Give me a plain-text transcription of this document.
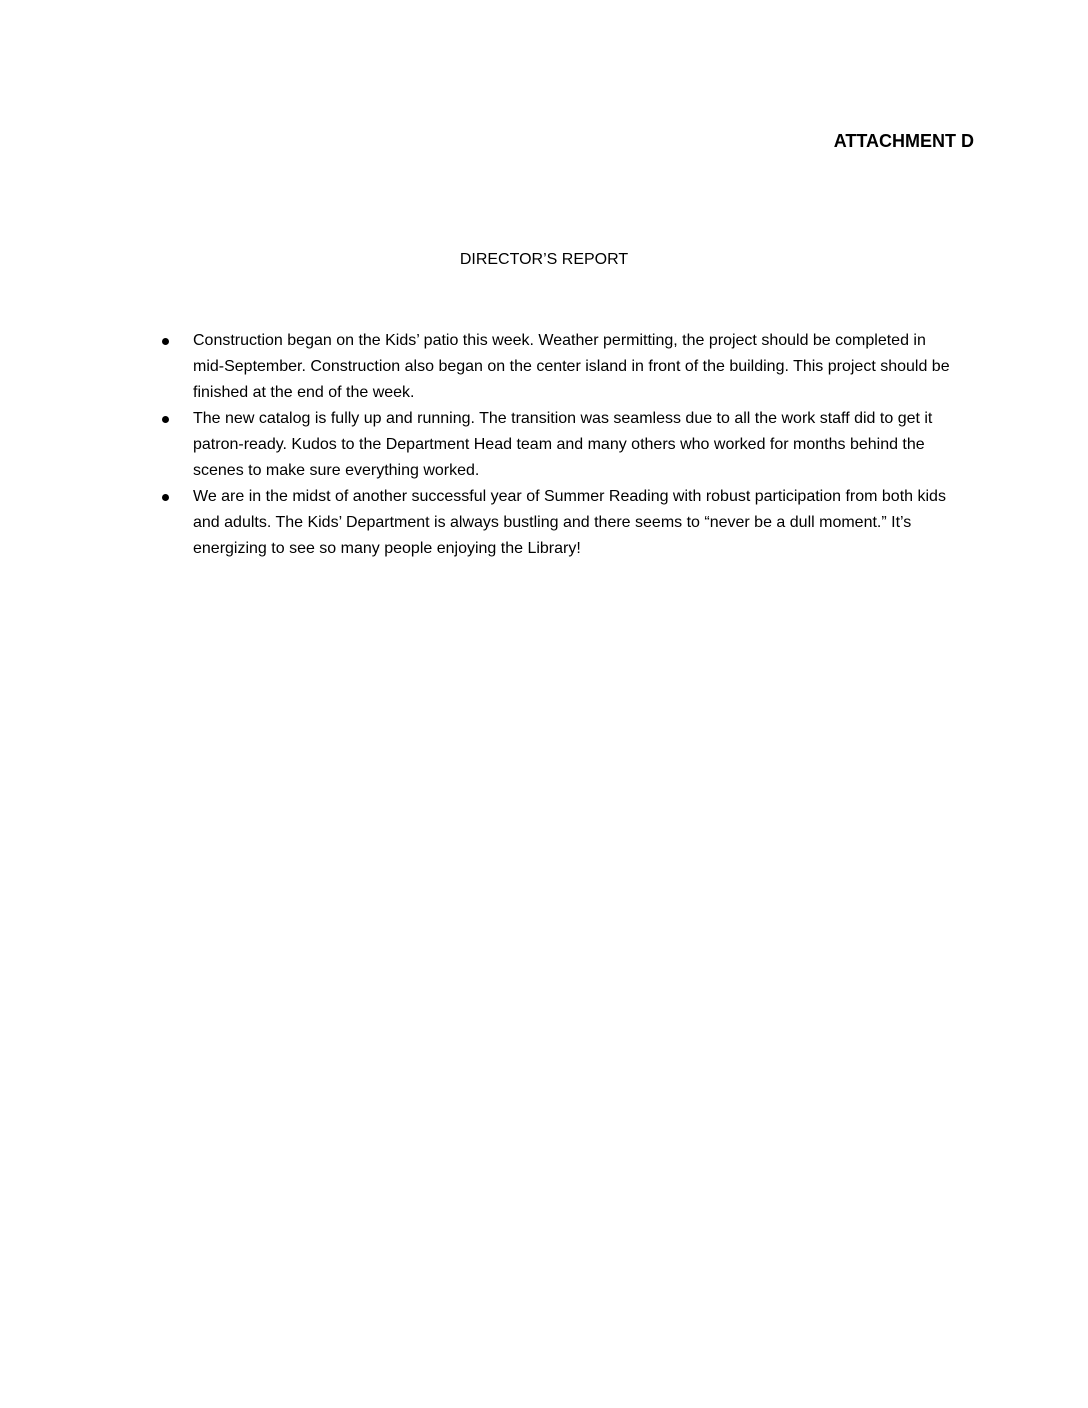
ATTACHMENT D
DIRECTOR’S REPORT
Construction began on the Kids’ patio this week. Weather permitting, the project should be completed in mid-September. Construction also began on the center island in front of the building. This project should be finished at the end of the week.
The new catalog is fully up and running. The transition was seamless due to all the work staff did to get it patron-ready. Kudos to the Department Head team and many others who worked for months behind the scenes to make sure everything worked.
We are in the midst of another successful year of Summer Reading with robust participation from both kids and adults. The Kids’ Department is always bustling and there seems to “never be a dull moment.” It’s energizing to see so many people enjoying the Library!
